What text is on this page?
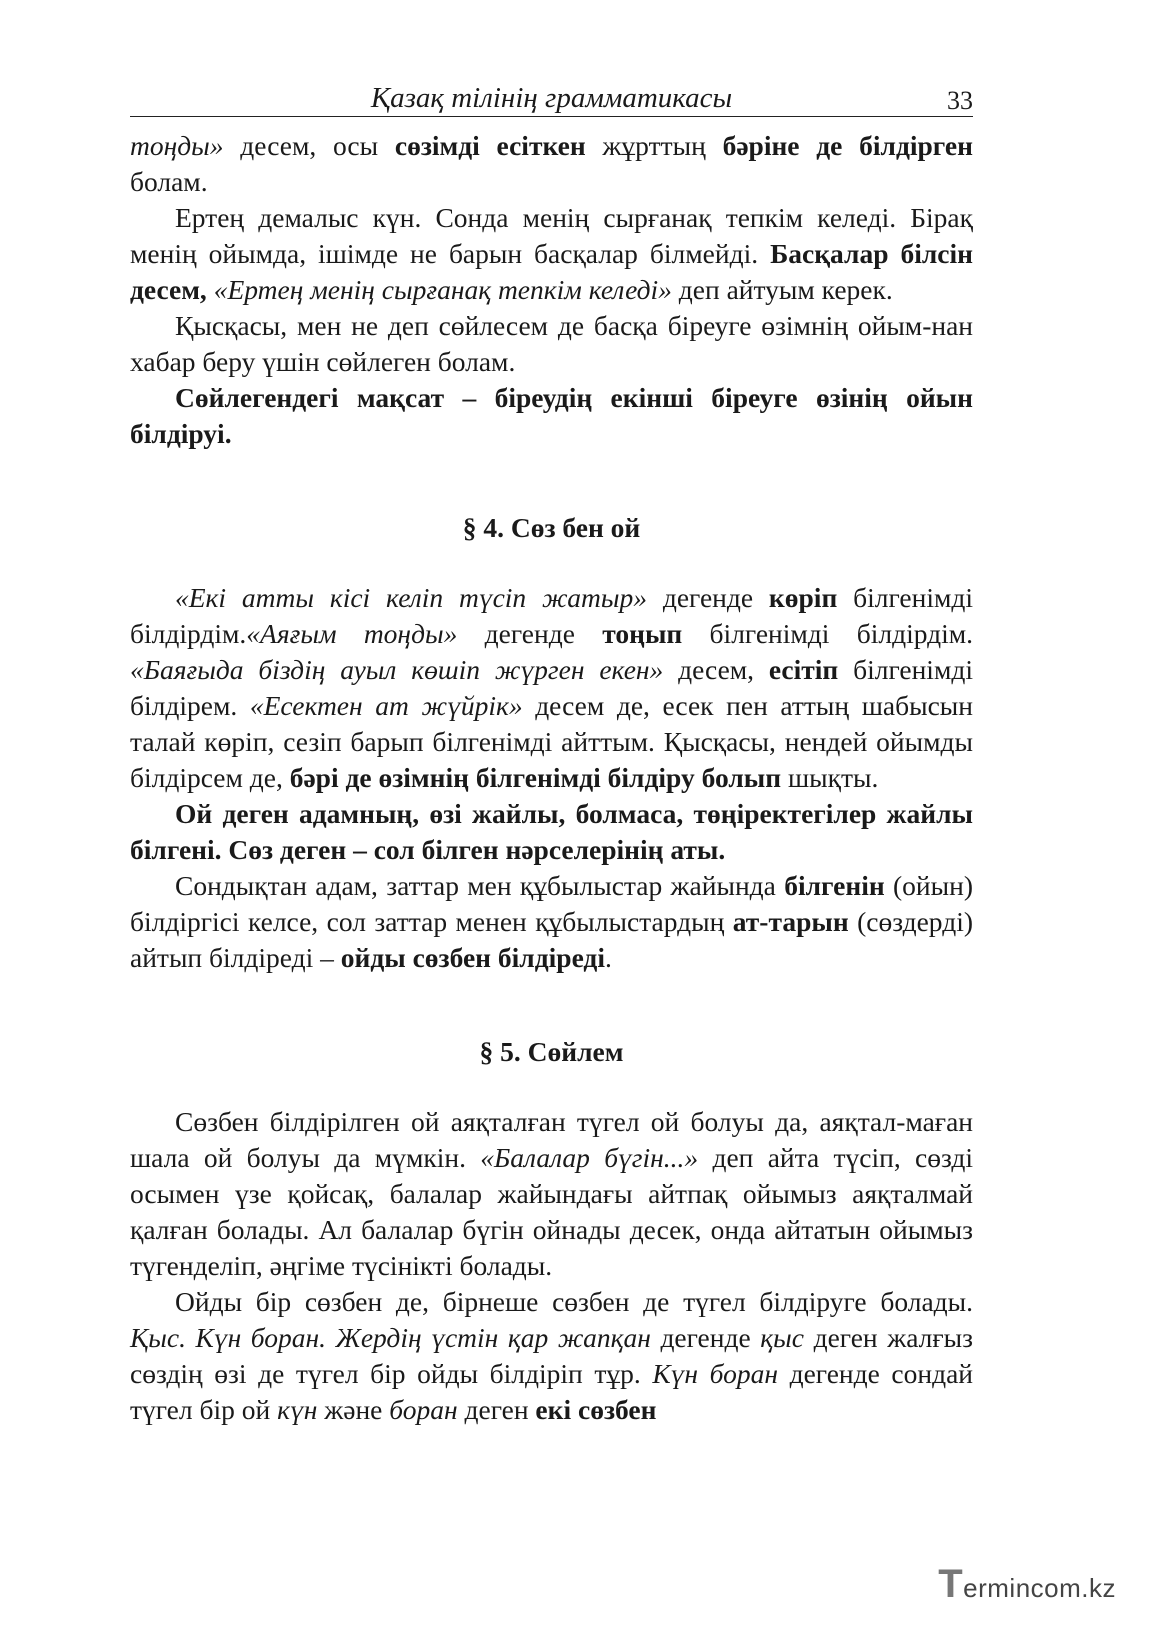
Қазақ тілінің грамматикасы	33

тоңды» десем, осы сөзімді есіткен жұрттың бәріне де білдірген болам.

Ертең демалыс күн. Сонда менің сырғанақ тепкім келеді. Бірақ менің ойымда, ішімде не барын басқалар білмейді. Басқалар білсін десем, «Ертең менің сырғанақ тепкім келеді» деп айтуым керек.

Қысқасы, мен не деп сөйлесем де басқа біреуге өзімнің ойым-нан хабар беру үшін сөйлеген болам.

Сөйлегендегі мақсат – біреудің екінші біреуге өзінің ойын білдіруі.

§ 4. Сөз бен ой

«Екі атты кісі келіп түсіп жатыр» дегенде көріп білгенімді білдірдім.«Аяғым тоңды» дегенде тоңып білгенімді білдірдім. «Баяғыда біздің ауыл көшіп жүрген екен» десем, есітіп білгенімді білдірем. «Есектен ат жүйрік» десем де, есек пен аттың шабысын талай көріп, сезіп барып білгенімді айттым. Қысқасы, нендей ойымды білдірсем де, бәрі де өзімнің білгенімді білдіру болып шықты.

Ой деген адамның, өзі жайлы, болмаса, төңіректегілер жайлы білгені. Сөз деген – сол білген нәрселерінің аты.

Сондықтан адам, заттар мен құбылыстар жайында білгенін (ойын) білдіргісі келсе, сол заттар менен құбылыстардың ат-тарын (сөздерді) айтып білдіреді – ойды сөзбен білдіреді.

§ 5. Сөйлем

Сөзбен білдірілген ой аяқталған түгел ой болуы да, аяқтал-маған шала ой болуы да мүмкін. «Балалар бүгін...» деп айта түсіп, сөзді осымен үзе қойсақ, балалар жайындағы айтпақ ойымыз аяқталмай қалған болады. Ал балалар бүгін ойнады десек, онда айтатын ойымыз түгенделіп, әңгіме түсінікті болады.

Ойды бір сөзбен де, бірнеше сөзбен де түгел білдіруге болады. Қыс. Күн боран. Жердің үстін қар жапқан дегенде қыс деген жалғыз сөздің өзі де түгел бір ойды білдіріп тұр. Күн боран дегенде сондай түгел бір ой күн және боран деген екі сөзбен

Termincom.kz
